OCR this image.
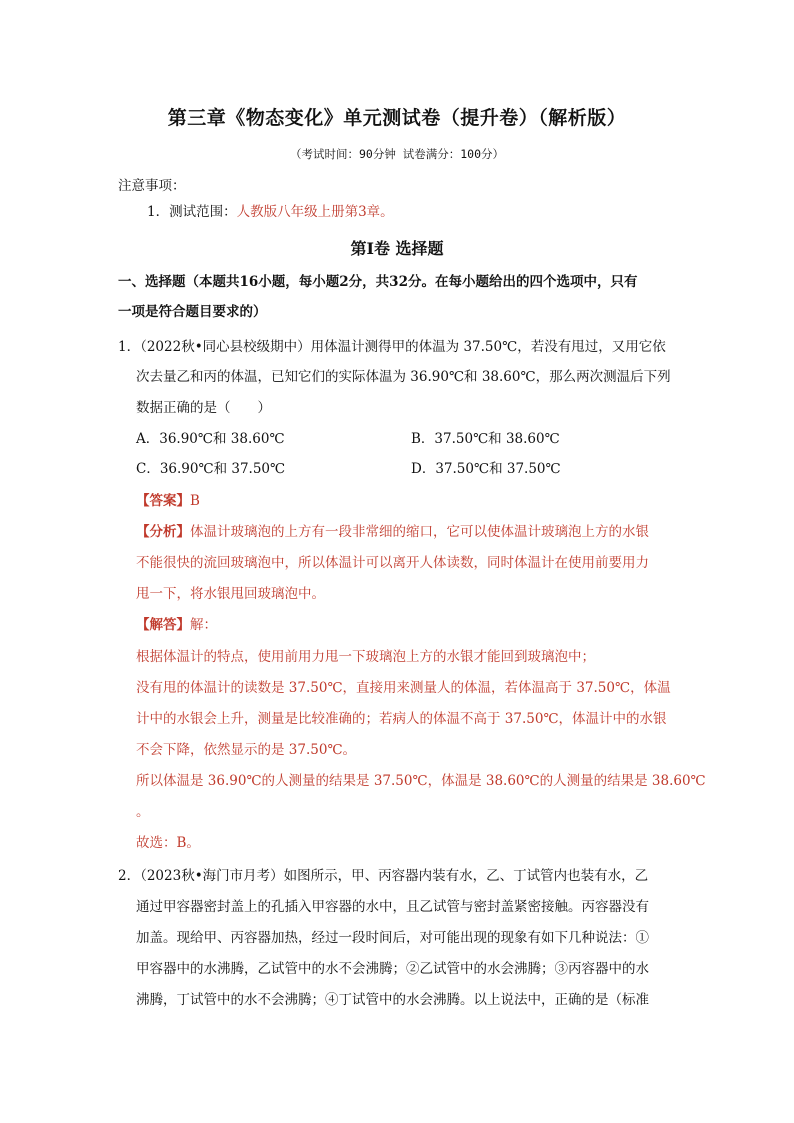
第三章《物态变化》单元测试卷（提升卷）（解析版）
（考试时间：90分钟 试卷满分：100分）
注意事项：
1．测试范围：人教版八年级上册第3章。
第Ⅰ卷 选择题
一、选择题（本题共16小题，每小题2分，共32分。在每小题给出的四个选项中，只有
一项是符合题目要求的）
1．（2022秋•同心县校级期中）用体温计测得甲的体温为 37.50℃，若没有甩过，又用它依
次去量乙和丙的体温，已知它们的实际体温为 36.90℃和 38.60℃，那么两次测温后下列
数据正确的是（　　）
A．36.90℃和 38.60℃	B．37.50℃和 38.60℃
C．36.90℃和 37.50℃	D．37.50℃和 37.50℃
【答案】B
【分析】体温计玻璃泡的上方有一段非常细的缩口，它可以使体温计玻璃泡上方的水银
不能很快的流回玻璃泡中，所以体温计可以离开人体读数，同时体温计在使用前要用力
甩一下，将水银甩回玻璃泡中。
【解答】解：
根据体温计的特点，使用前用力甩一下玻璃泡上方的水银才能回到玻璃泡中；
没有甩的体温计的读数是 37.50℃，直接用来测量人的体温，若体温高于 37.50℃，体温
计中的水银会上升，测量是比较准确的；若病人的体温不高于 37.50℃，体温计中的水银
不会下降，依然显示的是 37.50℃。
所以体温是 36.90℃的人测量的结果是 37.50℃，体温是 38.60℃的人测量的结果是 38.60℃
。
故选：B。
2．（2023秋•海门市月考）如图所示，甲、丙容器内装有水，乙、丁试管内也装有水，乙
通过甲容器密封盖上的孔插入甲容器的水中，且乙试管与密封盖紧密接触。丙容器没有
加盖。现给甲、丙容器加热，经过一段时间后，对可能出现的现象有如下几种说法：①
甲容器中的水沸腾，乙试管中的水不会沸腾；②乙试管中的水会沸腾；③丙容器中的水
沸腾，丁试管中的水不会沸腾；④丁试管中的水会沸腾。以上说法中，正确的是（标准
